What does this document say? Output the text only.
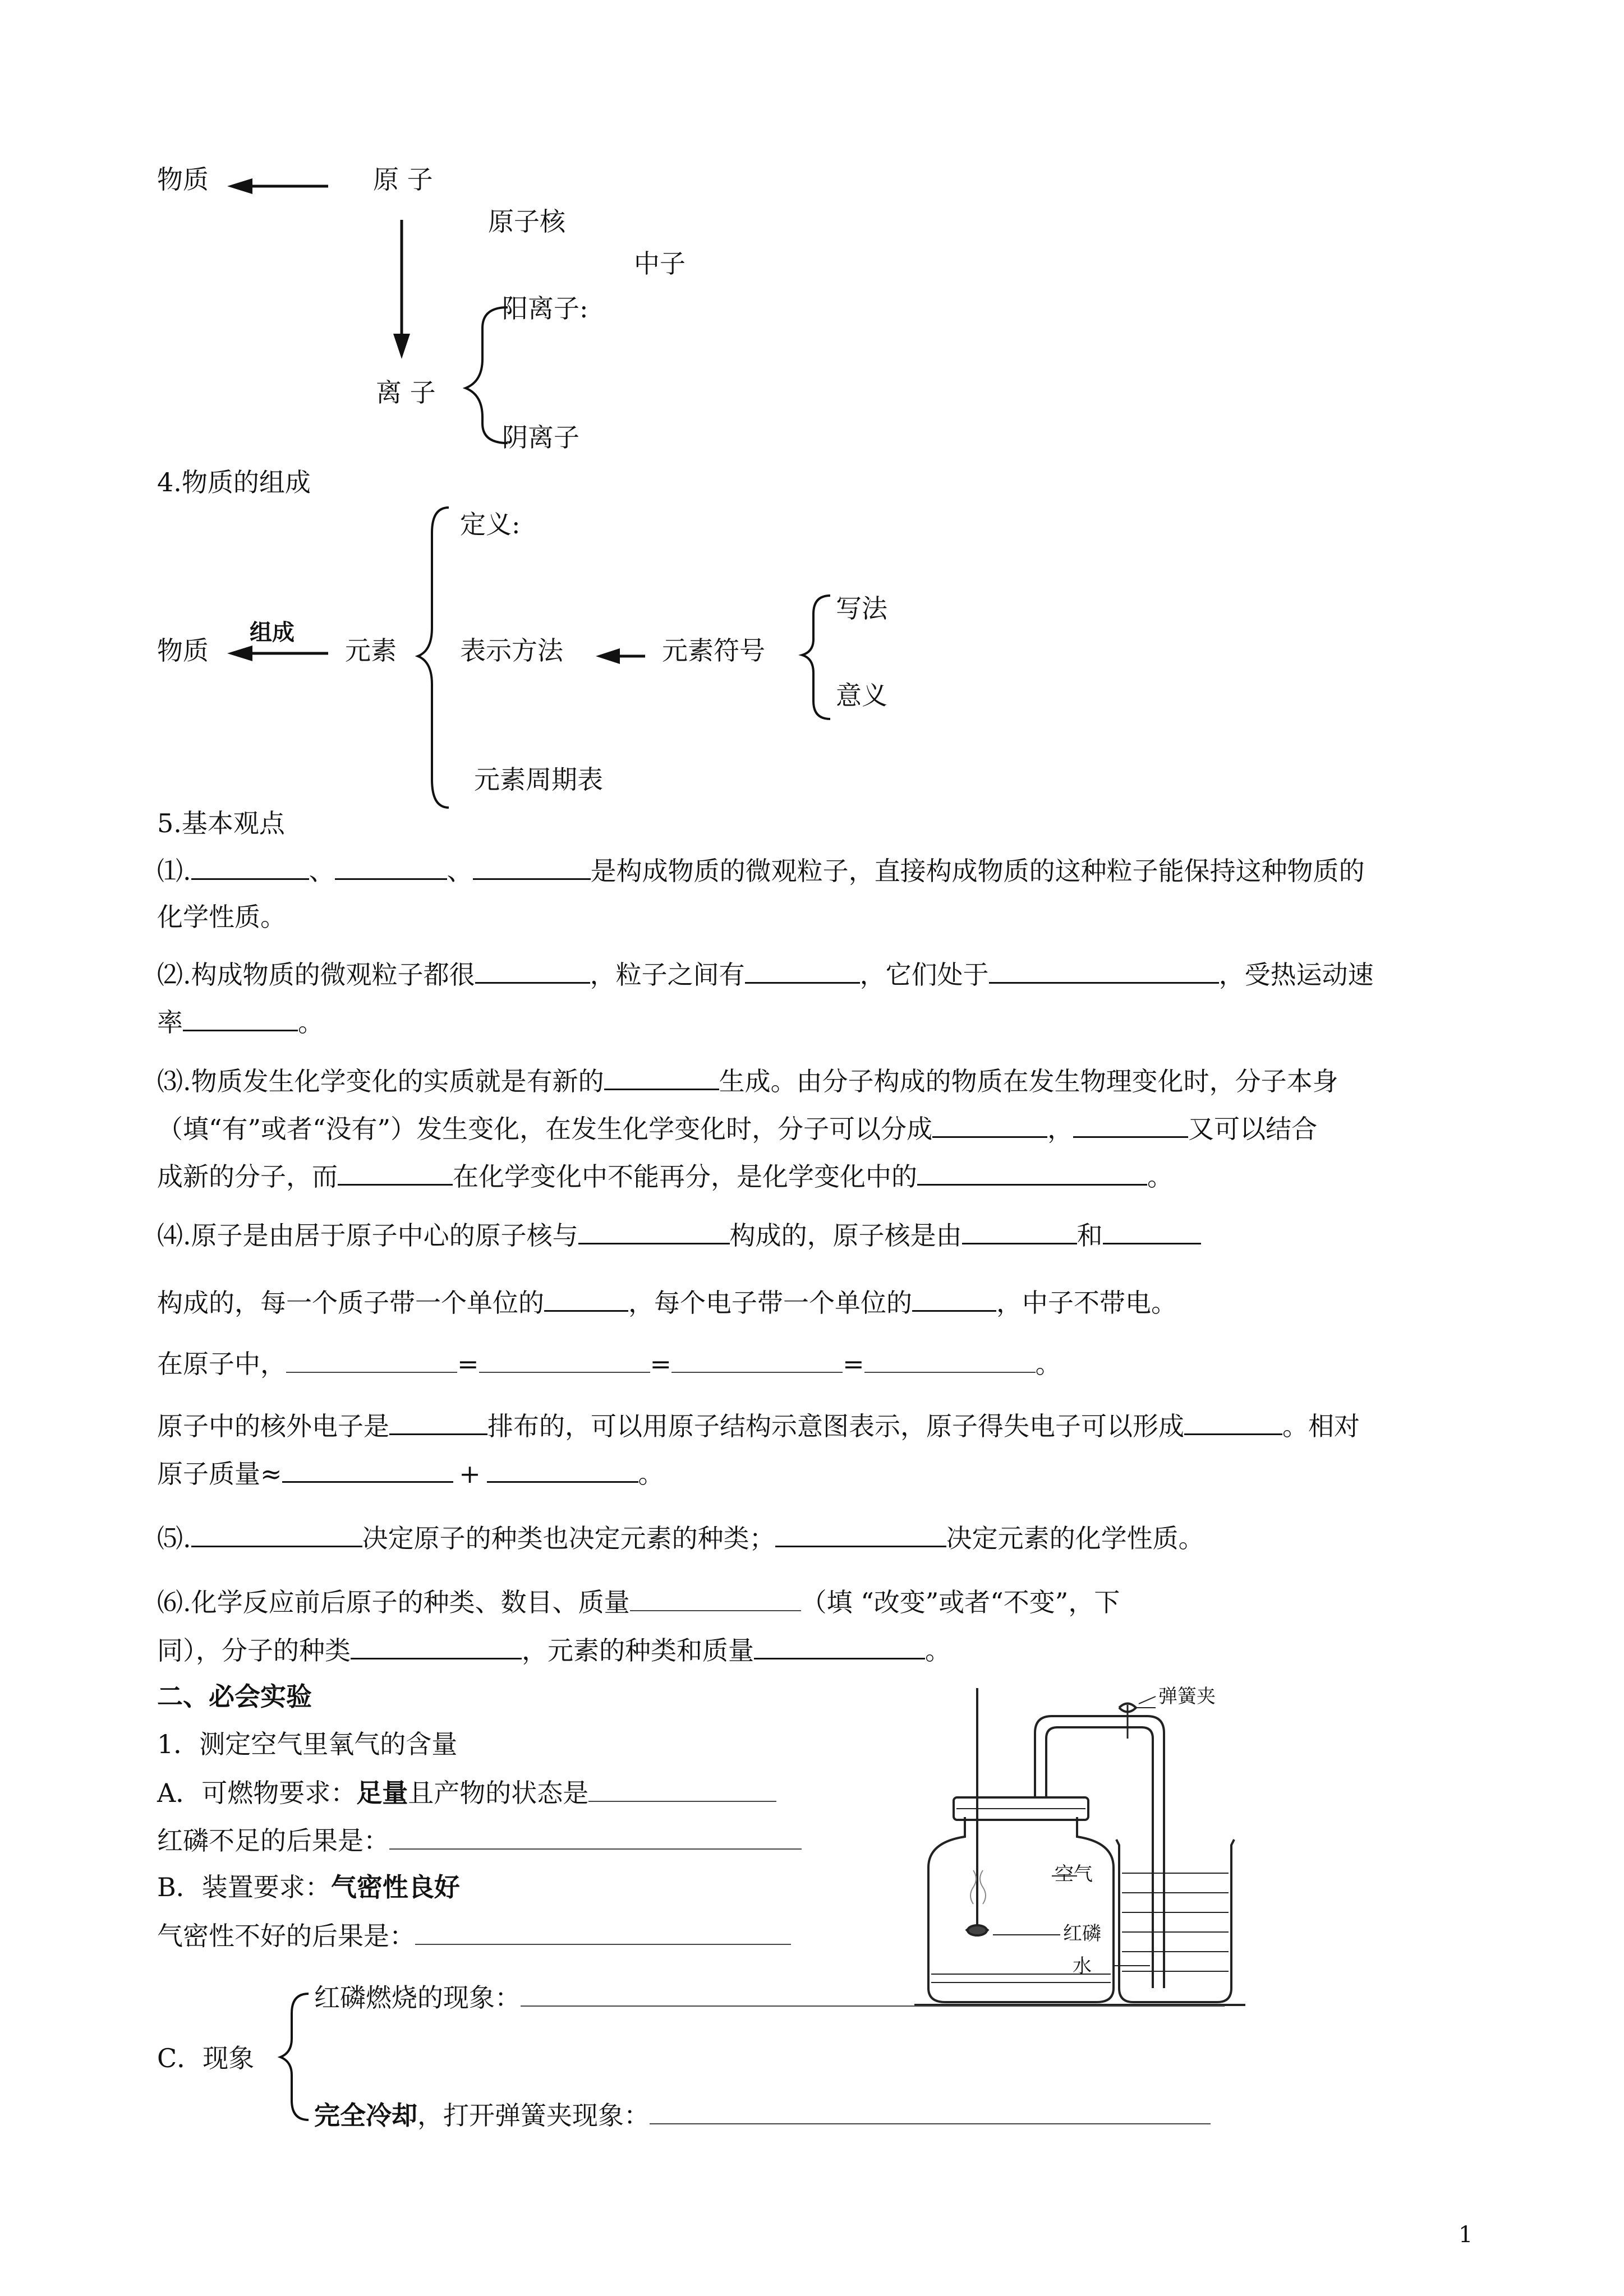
物质	原 子
原子核
中子
阳离子:
离 子
阴离子
4.物质的组成
定义:
物质
组成
元素 表示方法	元素符号
写法
意义
元素周期表
5.基本观点
⑴.	、	、	是构成物质的微观粒子，直接构成物质的这种粒子能保持这种物质的
化学性质。
⑵.构成物质的微观粒子都很	，粒子之间有	，它们处于	，受热运动速
率	。
⑶.物质发生化学变化的实质就是有新的	生成。由分子构成的物质在发生物理变化时，分子本身
（填“有”或者“没有”）发生变化，在发生化学变化时，分子可以分成	，	又可以结合
成新的分子，而	在化学变化中不能再分，是化学变化中的	。
⑷.原子是由居于原子中心的原子核与	构成的，原子核是由	和
构成的，每一个质子带一个单位的	，每个电子带一个单位的	，中子不带电。
在原子中，	=	=	=	。
原子中的核外电子是	排布的，可以用原子结构示意图表示，原子得失电子可以形成	。相对
原子质量≈	+	。
⑸.	决定原子的种类也决定元素的种类；	决定元素的化学性质。
⑹.化学反应前后原子的种类、数目、质量	（填 “改变”或者“不变”，下
同），分子的种类	，元素的种类和质量	。
二、必会实验
1．测定空气里氧气的含量
A．可燃物要求：足量且产物的状态是
红磷不足的后果是：
B．装置要求：气密性良好
气密性不好的后果是：
C．现象
红磷燃烧的现象：
完全冷却，打开弹簧夹现象：
弹簧夹
空气
红磷
水
1
